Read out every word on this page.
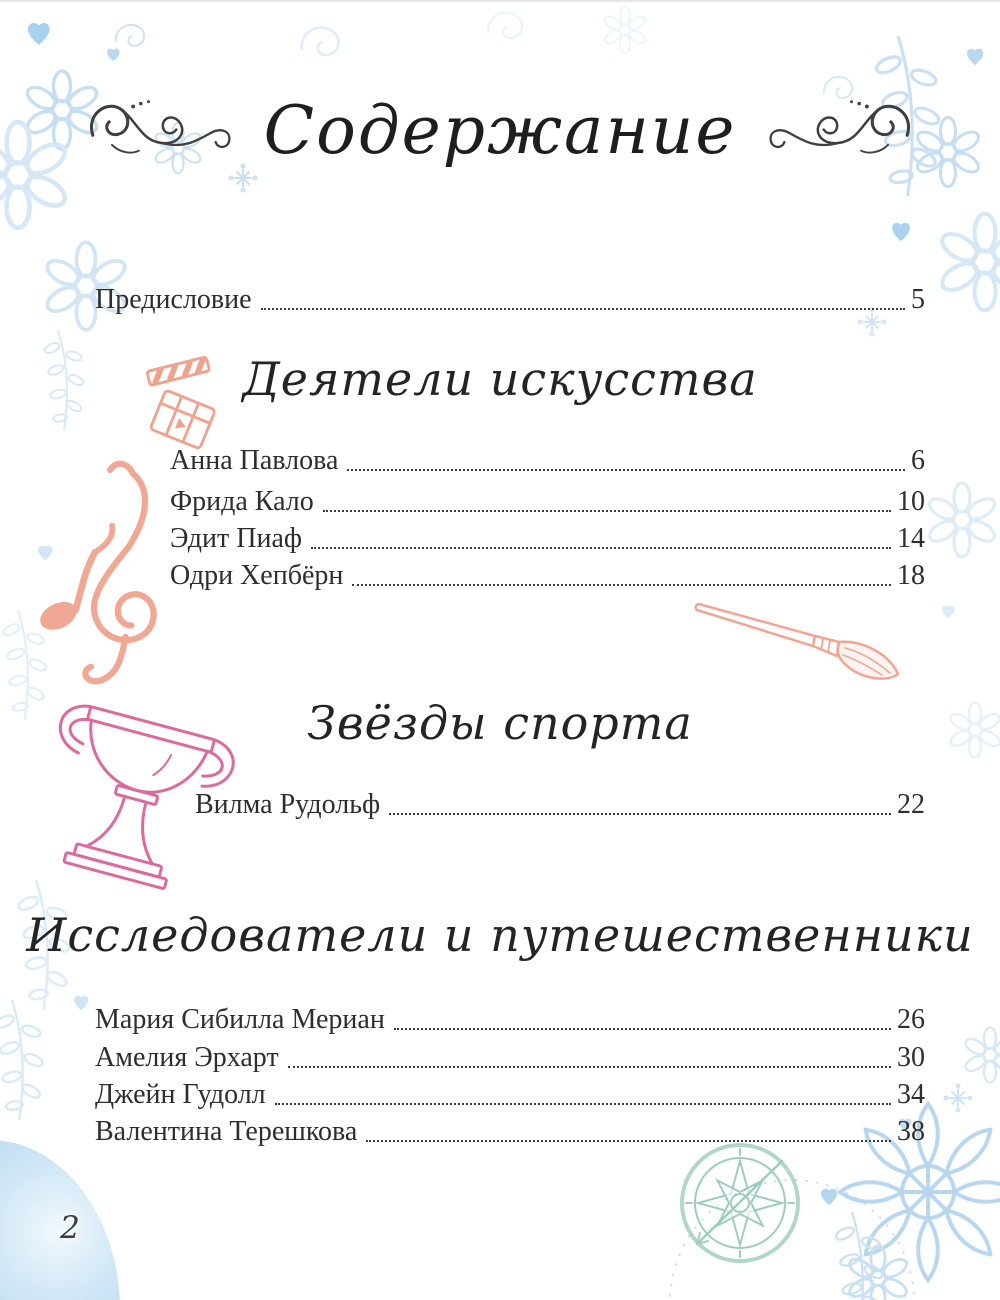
Содержание
Предисловие	5
Деятели искусства
Анна Павлова	6
Фрида Кало	10
Эдит Пиаф	14
Одри Хепбёрн	18
Звёзды спорта
Вилма Рудольф	22
Исследователи и путешественники
Мария Сибилла Мериан	26
Амелия Эрхарт	30
Джейн Гудолл	34
Валентина Терешкова	38
2
